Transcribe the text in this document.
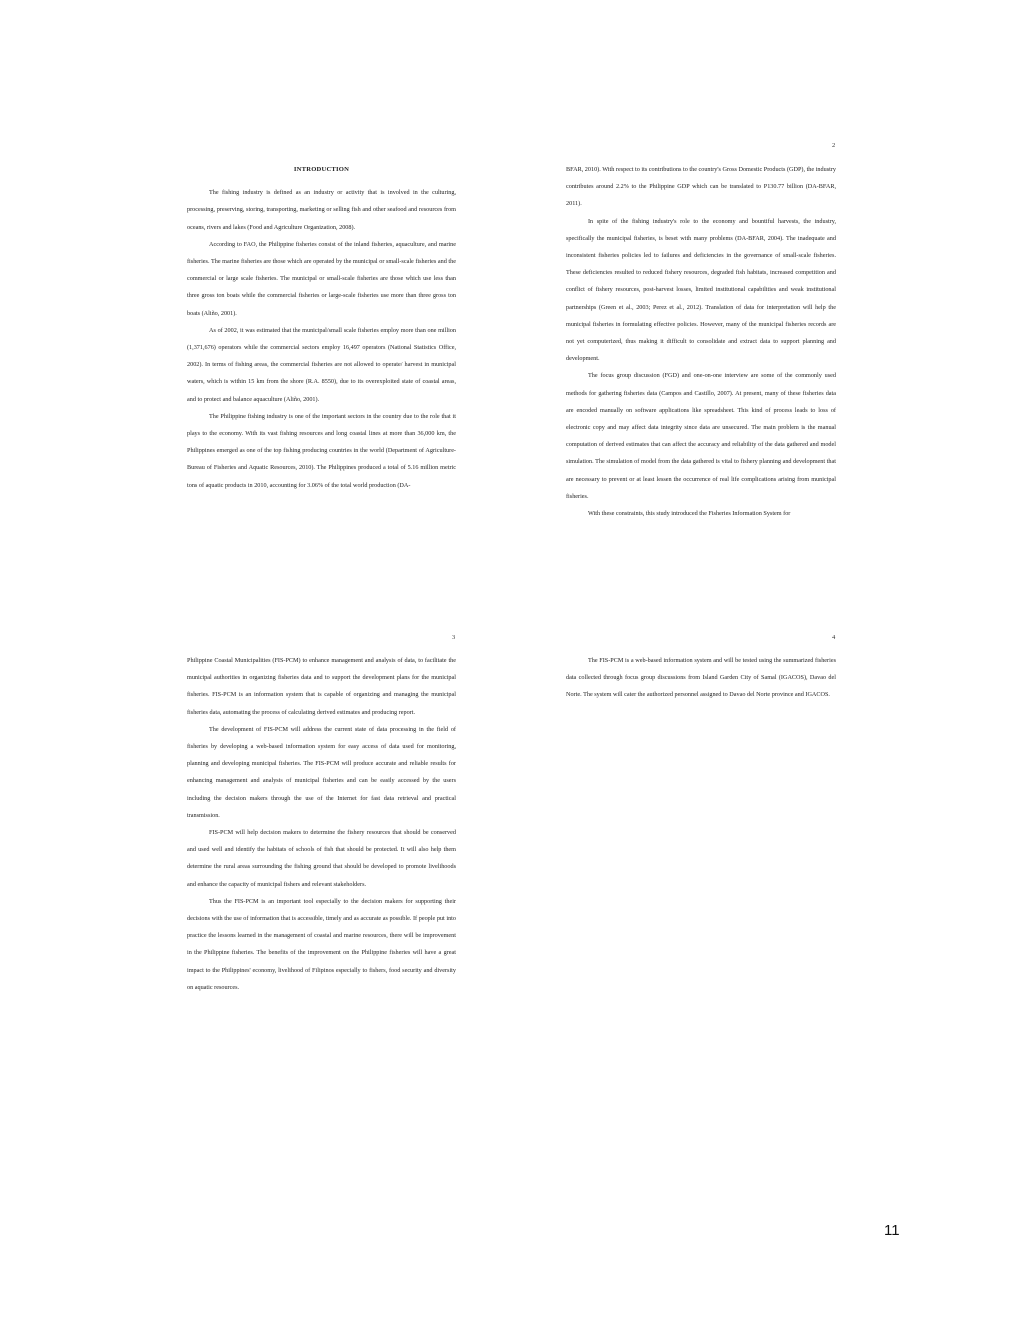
INTRODUCTION

The fishing industry is defined as an industry or activity that is involved in the culturing, processing, preserving, storing, transporting, marketing or selling fish and other seafood and resources from oceans, rivers and lakes (Food and Agriculture Organization, 2008).

According to FAO, the Philippine fisheries consist of the inland fisheries, aquaculture, and marine fisheries. The marine fisheries are those which are operated by the municipal or small-scale fisheries and the commercial or large scale fisheries. The municipal or small-scale fisheries are those which use less than three gross ton boats while the commercial fisheries or large-scale fisheries use more than three gross ton boats (Aliño, 2001).

As of 2002, it was estimated that the municipal/small scale fisheries employ more than one million (1,371,676) operators while the commercial sectors employ 16,497 operators (National Statistics Office, 2002). In terms of fishing areas, the commercial fisheries are not allowed to operate/ harvest in municipal waters, which is within 15 km from the shore (R.A. 8550), due to its overexploited state of coastal areas, and to protect and balance aquaculture (Aliño, 2001).

The Philippine fishing industry is one of the important sectors in the country due to the role that it plays to the economy. With its vast fishing resources and long coastal lines at more than 36,000 km, the Philippines emerged as one of the top fishing producing countries in the world (Department of Agriculture-Bureau of Fisheries and Aquatic Resources, 2010). The Philippines produced a total of 5.16 million metric tons of aquatic products in 2010, accounting for 3.06% of the total world production (DA-

2

BFAR, 2010). With respect to its contributions to the country's Gross Domestic Products (GDP), the industry contributes around 2.2% to the Philippine GDP which can be translated to P130.77 billion (DA-BFAR, 2011).

In spite of the fishing industry's role to the economy and bountiful harvests, the industry, specifically the municipal fisheries, is beset with many problems (DA-BFAR, 2004). The inadequate and inconsistent fisheries policies led to failures and deficiencies in the governance of small-scale fisheries. These deficiencies resulted to reduced fishery resources, degraded fish habitats, increased competition and conflict of fishery resources, post-harvest losses, limited institutional capabilities and weak institutional partnerships (Green et al., 2003; Perez et al., 2012). Translation of data for interpretation will help the municipal fisheries in formulating effective policies. However, many of the municipal fisheries records are not yet computerized, thus making it difficult to consolidate and extract data to support planning and development.

The focus group discussion (FGD) and one-on-one interview are some of the commonly used methods for gathering fisheries data (Campos and Castillo, 2007). At present, many of these fisheries data are encoded manually on software applications like spreadsheet. This kind of process leads to loss of electronic copy and may affect data integrity since data are unsecured. The main problem is the manual computation of derived estimates that can affect the accuracy and reliability of the data gathered and model simulation. The simulation of model from the data gathered is vital to fishery planning and development that are necessary to prevent or at least lessen the occurrence of real life complications arising from municipal fisheries.

With these constraints, this study introduced the Fisheries Information System for

3

Philippine Coastal Municipalities (FIS-PCM) to enhance management and analysis of data, to facilitate the municipal authorities in organizing fisheries data and to support the development plans for the municipal fisheries. FIS-PCM is an information system that is capable of organizing and managing the municipal fisheries data, automating the process of calculating derived estimates and producing report.

The development of FIS-PCM will address the current state of data processing in the field of fisheries by developing a web-based information system for easy access of data used for monitoring, planning and developing municipal fisheries. The FIS-PCM will produce accurate and reliable results for enhancing management and analysis of municipal fisheries and can be easily accessed by the users including the decision makers through the use of the Internet for fast data retrieval and practical transmission.

FIS-PCM will help decision makers to determine the fishery resources that should be conserved and used well and identify the habitats of schools of fish that should be protected. It will also help them determine the rural areas surrounding the fishing ground that should be developed to promote livelihoods and enhance the capacity of municipal fishers and relevant stakeholders.

Thus the FIS-PCM is an important tool especially to the decision makers for supporting their decisions with the use of information that is accessible, timely and as accurate as possible. If people put into practice the lessons learned in the management of coastal and marine resources, there will be improvement in the Philippine fisheries. The benefits of the improvement on the Philippine fisheries will have a great impact to the Philippines' economy, livelihood of Filipinos especially to fishers, food security and diversity on aquatic resources.

4

The FIS-PCM is a web-based information system and will be tested using the summarized fisheries data collected through focus group discussions from Island Garden City of Samal (IGACOS), Davao del Norte. The system will cater the authorized personnel assigned to Davao del Norte province and IGACOS.

11
